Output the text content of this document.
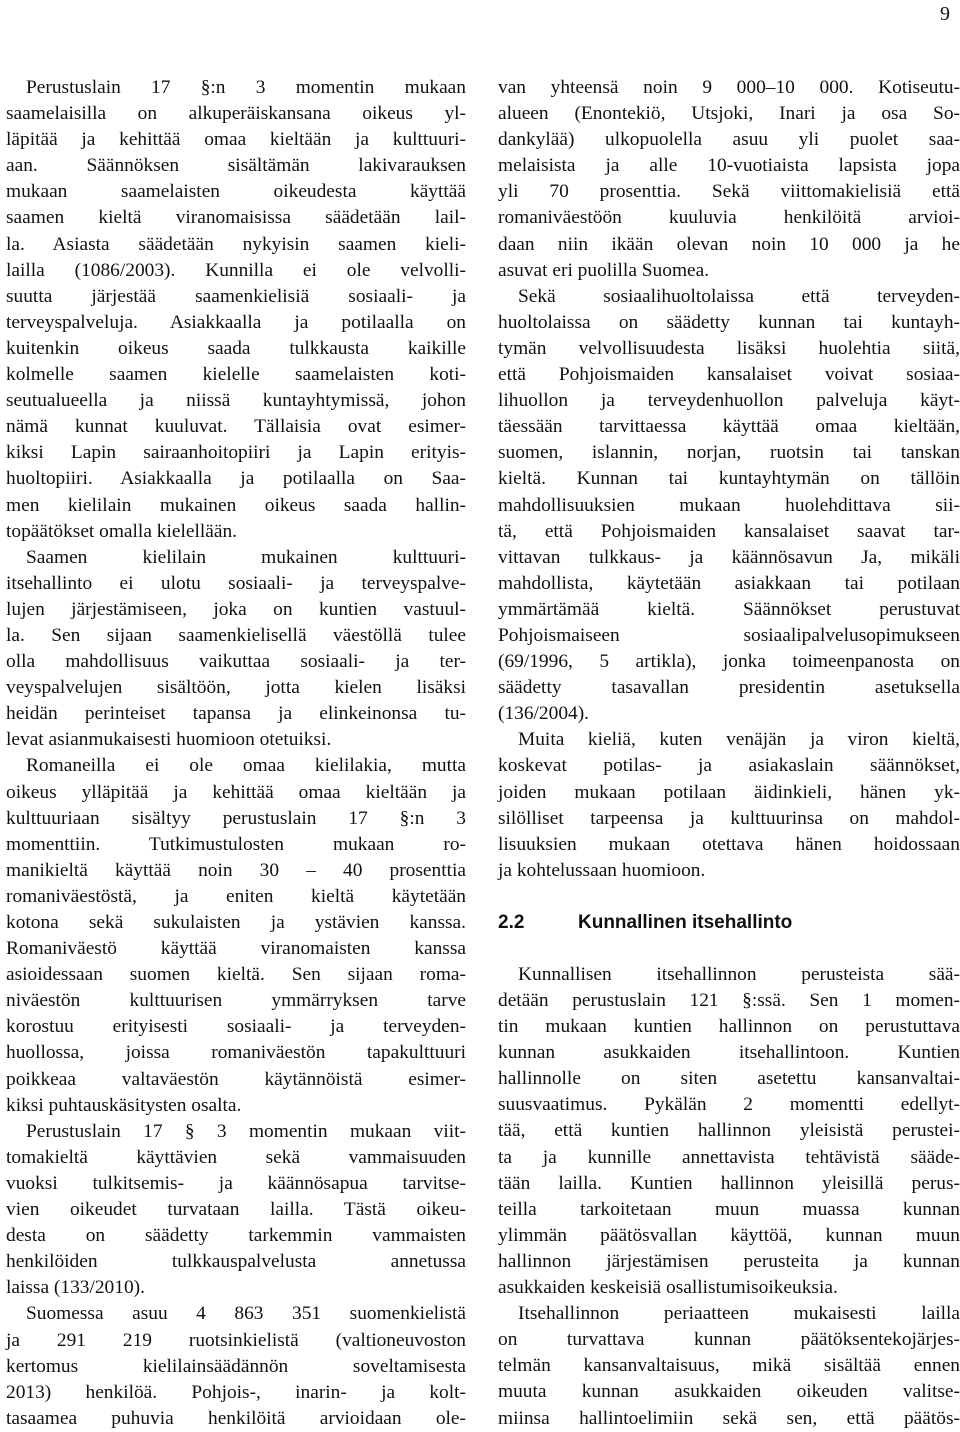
9
Perustuslain 17 §:n 3 momentin mukaan
saamelaisilla on alkuperäiskansana oikeus yl-
läpitää ja kehittää omaa kieltään ja kulttuuri-
aan. Säännöksen sisältämän lakivarauksen
mukaan saamelaisten oikeudesta käyttää
saamen kieltä viranomaisissa säädetään lail-
la. Asiasta säädetään nykyisin saamen kieli-
lailla (1086/2003). Kunnilla ei ole velvolli-
suutta järjestää saamenkielisiä sosiaali- ja
terveyspalveluja. Asiakkaalla ja potilaalla on
kuitenkin oikeus saada tulkkausta kaikille
kolmelle saamen kielelle saamelaisten koti-
seutualueella ja niissä kuntayhtymissä, johon
nämä kunnat kuuluvat. Tällaisia ovat esimer-
kiksi Lapin sairaanhoitopiiri ja Lapin erityis-
huoltopiiri. Asiakkaalla ja potilaalla on Saa-
men kielilain mukainen oikeus saada hallin-
topäätökset omalla kielellään.
Saamen kielilain mukainen kulttuuri-
itsehallinto ei ulotu sosiaali- ja terveyspalve-
lujen järjestämiseen, joka on kuntien vastuul-
la. Sen sijaan saamenkielisellä väestöllä tulee
olla mahdollisuus vaikuttaa sosiaali- ja ter-
veyspalvelujen sisältöön, jotta kielen lisäksi
heidän perinteiset tapansa ja elinkeinonsa tu-
levat asianmukaisesti huomioon otetuiksi.
Romaneilla ei ole omaa kielilakia, mutta
oikeus ylläpitää ja kehittää omaa kieltään ja
kulttuuriaan sisältyy perustuslain 17 §:n 3
momenttiin. Tutkimustulosten mukaan ro-
manikieltä käyttää noin 30 – 40 prosenttia
romaniväestöstä, ja eniten kieltä käytetään
kotona sekä sukulaisten ja ystävien kanssa.
Romaniväestö käyttää viranomaisten kanssa
asioidessaan suomen kieltä. Sen sijaan roma-
niväestön kulttuurisen ymmärryksen tarve
korostuu erityisesti sosiaali- ja terveyden-
huollossa, joissa romaniväestön tapakulttuuri
poikkeaa valtaväestön käytännöistä esimer-
kiksi puhtauskäsitysten osalta.
Perustuslain 17 § 3 momentin mukaan viit-
tomakieltä käyttävien sekä vammaisuuden
vuoksi tulkitsemis- ja käännösapua tarvitse-
vien oikeudet turvataan lailla. Tästä oikeu-
desta on säädetty tarkemmin vammaisten
henkilöiden tulkkauspalvelusta annetussa
laissa (133/2010).
Suomessa asuu 4 863 351 suomenkielistä
ja 291 219 ruotsinkielistä (valtioneuvoston
kertomus kielilainsäädännön soveltamisesta
2013) henkilöä. Pohjois-, inarin- ja kolt-
tasaamea puhuvia henkilöitä arvioidaan ole-
van yhteensä noin 9 000–10 000. Kotiseutu-
alueen (Enontekiö, Utsjoki, Inari ja osa So-
dankylää) ulkopuolella asuu yli puolet saa-
melaisista ja alle 10-vuotiaista lapsista jopa
yli 70 prosenttia. Sekä viittomakielisiä että
romaniväestöön kuuluvia henkilöitä arvioi-
daan niin ikään olevan noin 10 000 ja he
asuvat eri puolilla Suomea.
Sekä sosiaalihuoltolaissa että terveyden-
huoltolaissa on säädetty kunnan tai kuntayh-
tymän velvollisuudesta lisäksi huolehtia siitä,
että Pohjoismaiden kansalaiset voivat sosiaa-
lihuollon ja terveydenhuollon palveluja käyt-
täessään tarvittaessa käyttää omaa kieltään,
suomen, islannin, norjan, ruotsin tai tanskan
kieltä. Kunnan tai kuntayhtymän on tällöin
mahdollisuuksien mukaan huolehdittava sii-
tä, että Pohjoismaiden kansalaiset saavat tar-
vittavan tulkkaus- ja käännösavun Ja, mikäli
mahdollista, käytetään asiakkaan tai potilaan
ymmärtämää kieltä. Säännökset perustuvat
Pohjoismaiseen sosiaalipalvelusopimukseen
(69/1996, 5 artikla), jonka toimeenpanosta on
säädetty tasavallan presidentin asetuksella
(136/2004).
Muita kieliä, kuten venäjän ja viron kieltä,
koskevat potilas- ja asiakaslain säännökset,
joiden mukaan potilaan äidinkieli, hänen yk-
silölliset tarpeensa ja kulttuurinsa on mahdol-
lisuuksien mukaan otettava hänen hoidossaan
ja kohtelussaan huomioon.
2.2	Kunnallinen itsehallinto
Kunnallisen itsehallinnon perusteista sää-
detään perustuslain 121 §:ssä. Sen 1 momen-
tin mukaan kuntien hallinnon on perustuttava
kunnan asukkaiden itsehallintoon. Kuntien
hallinnolle on siten asetettu kansanvaltai-
suusvaatimus. Pykälän 2 momentti edellyt-
tää, että kuntien hallinnon yleisistä perustei-
ta ja kunnille annettavista tehtävistä sääde-
tään lailla. Kuntien hallinnon yleisillä perus-
teilla tarkoitetaan muun muassa kunnan
ylimmän päätösvallan käyttöä, kunnan muun
hallinnon järjestämisen perusteita ja kunnan
asukkaiden keskeisiä osallistumisoikeuksia.
Itsehallinnon periaatteen mukaisesti laillа
on turvattava kunnan päätöksentekojärjes-
telmän kansanvaltaisuus, mikä sisältää ennen
muuta kunnan asukkaiden oikeuden valitse-
miinsa hallintoelimiin sekä sen, että päätös-
